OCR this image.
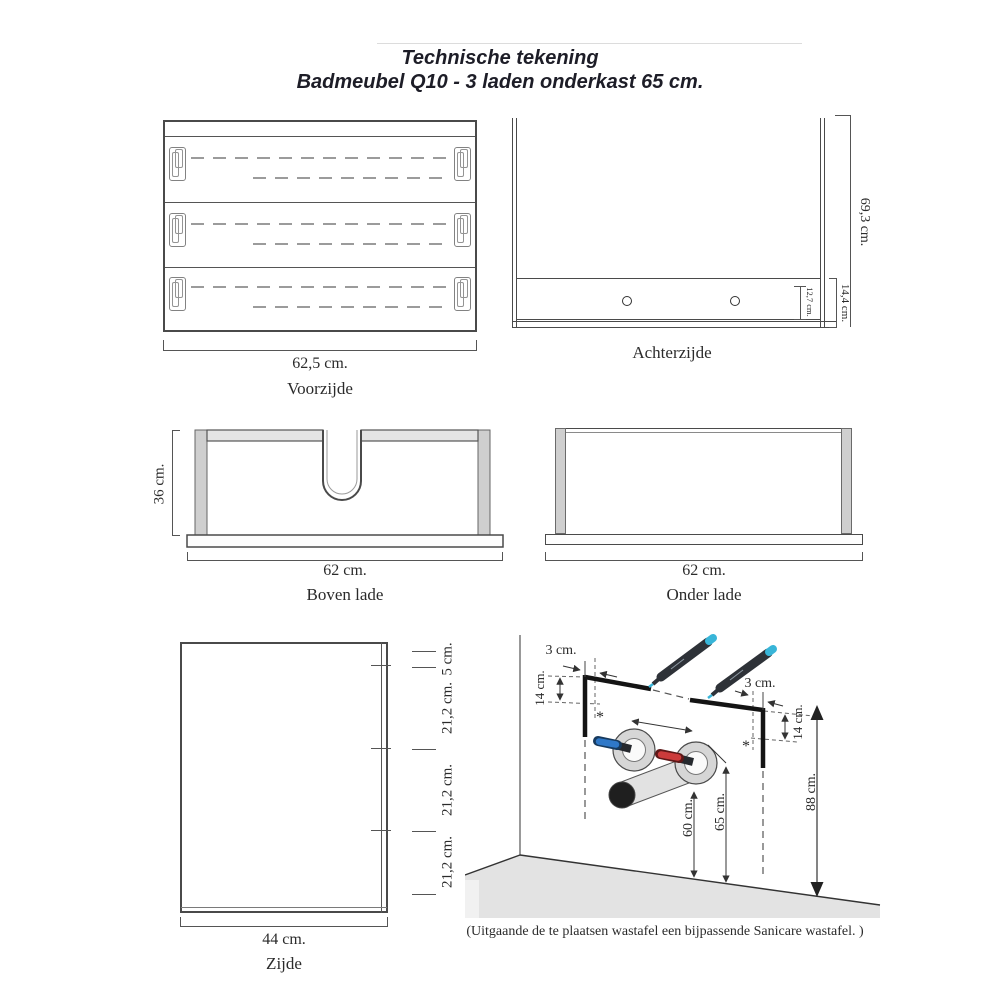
Technische tekening
Badmeubel Q10 - 3 laden onderkast 65 cm.
62,5 cm.
Voorzijde
69,3 cm.
14,4 cm.
12,7 cm.
Achterzijde
36 cm.
62 cm.
Boven lade
62 cm.
Onder lade
5 cm.
21,2 cm.
21,2 cm.
21,2 cm.
44 cm.
Zijde
3 cm.
3 cm.
14 cm.
14 cm.
*
*
60 cm. 65 cm.
88 cm.
(Uitgaande de te plaatsen wastafel een bijpassende Sanicare wastafel. )
